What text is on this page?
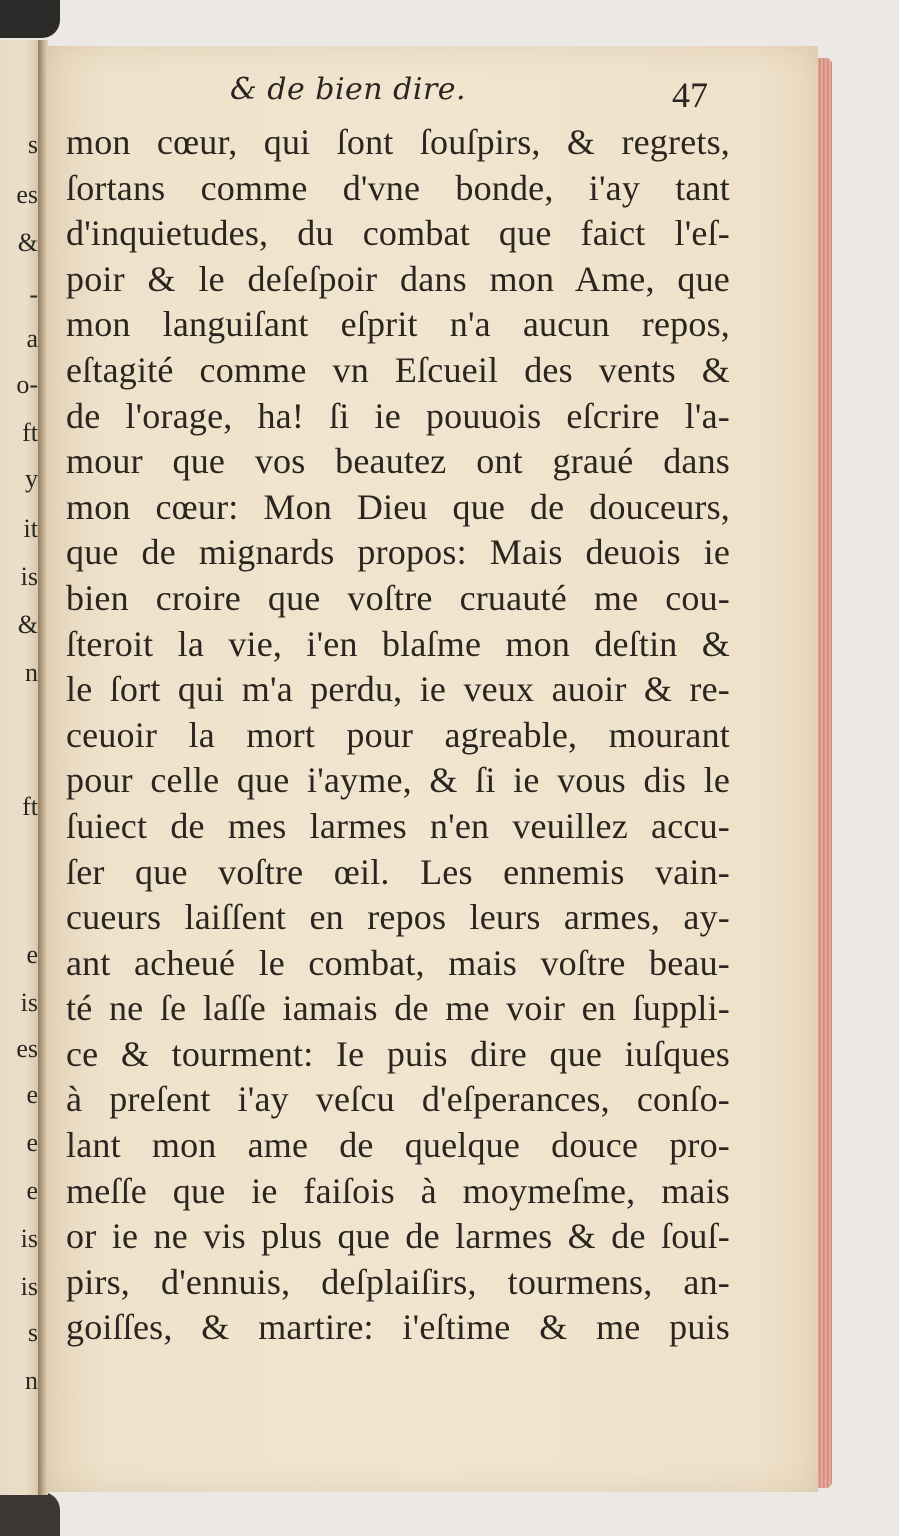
s
es
&
-
a
o-
ft
y
it
is
&
n
ft
e
is
es
e
e
e
is
is
s
n
& de bien dire.	47
mon cœur, qui ſont ſouſpirs, & regrets,
ſortans comme d'vne bonde, i'ay tant
d'inquietudes, du combat que faict l'eſ-
poir & le deſeſpoir dans mon Ame, que
mon languiſant eſprit n'a aucun repos,
eſtagité comme vn Eſcueil des vents &
de l'orage, ha! ſi ie pouuois eſcrire l'a-
mour que vos beautez ont graué dans
mon cœur: Mon Dieu que de douceurs,
que de mignards propos: Mais deuois ie
bien croire que voſtre cruauté me cou-
ſteroit la vie, i'en blaſme mon deſtin &
le ſort qui m'a perdu, ie veux auoir & re-
ceuoir la mort pour agreable, mourant
pour celle que i'ayme, & ſi ie vous dis le
ſuiect de mes larmes n'en veuillez accu-
ſer que voſtre œil. Les ennemis vain-
cueurs laiſſent en repos leurs armes, ay-
ant acheué le combat, mais voſtre beau-
té ne ſe laſſe iamais de me voir en ſuppli-
ce & tourment: Ie puis dire que iuſques
à preſent i'ay veſcu d'eſperances, conſo-
lant mon ame de quelque douce pro-
meſſe que ie faiſois à moymeſme, mais
or ie ne vis plus que de larmes & de ſouſ-
pirs, d'ennuis, deſplaiſirs, tourmens, an-
goiſſes, & martire: i'eſtime & me puis
